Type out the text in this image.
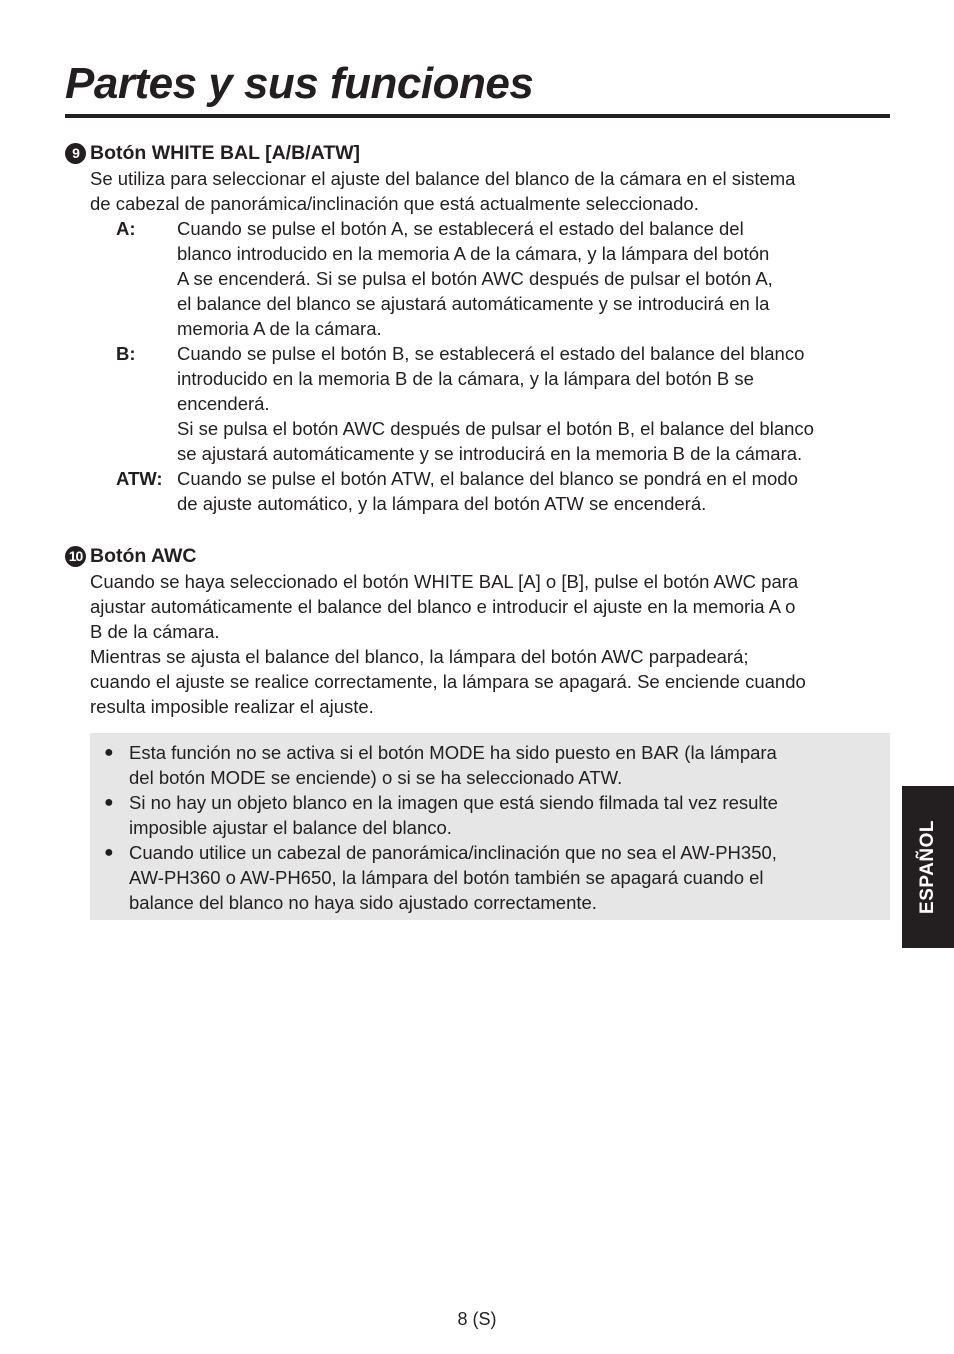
Partes y sus funciones
9 Botón WHITE BAL [A/B/ATW]
Se utiliza para seleccionar el ajuste del balance del blanco de la cámara en el sistema
de cabezal de panorámica/inclinación que está actualmente seleccionado.
A:	Cuando se pulse el botón A, se establecerá el estado del balance del
blanco introducido en la memoria A de la cámara, y la lámpara del botón
A se encenderá. Si se pulsa el botón AWC después de pulsar el botón A,
el balance del blanco se ajustará automáticamente y se introducirá en la
memoria A de la cámara.
B:	Cuando se pulse el botón B, se establecerá el estado del balance del blanco
introducido en la memoria B de la cámara, y la lámpara del botón B se
encenderá.
Si se pulsa el botón AWC después de pulsar el botón B, el balance del blanco
se ajustará automáticamente y se introducirá en la memoria B de la cámara.
ATW: Cuando se pulse el botón ATW, el balance del blanco se pondrá en el modo
de ajuste automático, y la lámpara del botón ATW se encenderá.
10 Botón AWC
Cuando se haya seleccionado el botón WHITE BAL [A] o [B], pulse el botón AWC para
ajustar automáticamente el balance del blanco e introducir el ajuste en la memoria A o
B de la cámara.
Mientras se ajusta el balance del blanco, la lámpara del botón AWC parpadeará;
cuando el ajuste se realice correctamente, la lámpara se apagará. Se enciende cuando
resulta imposible realizar el ajuste.
● Esta función no se activa si el botón MODE ha sido puesto en BAR (la lámpara
del botón MODE se enciende) o si se ha seleccionado ATW.
● Si no hay un objeto blanco en la imagen que está siendo filmada tal vez resulte
imposible ajustar el balance del blanco.
● Cuando utilice un cabezal de panorámica/inclinación que no sea el AW-PH350,
AW-PH360 o AW-PH650, la lámpara del botón también se apagará cuando el
balance del blanco no haya sido ajustado correctamente.	ESPAÑOL
8 (S)
